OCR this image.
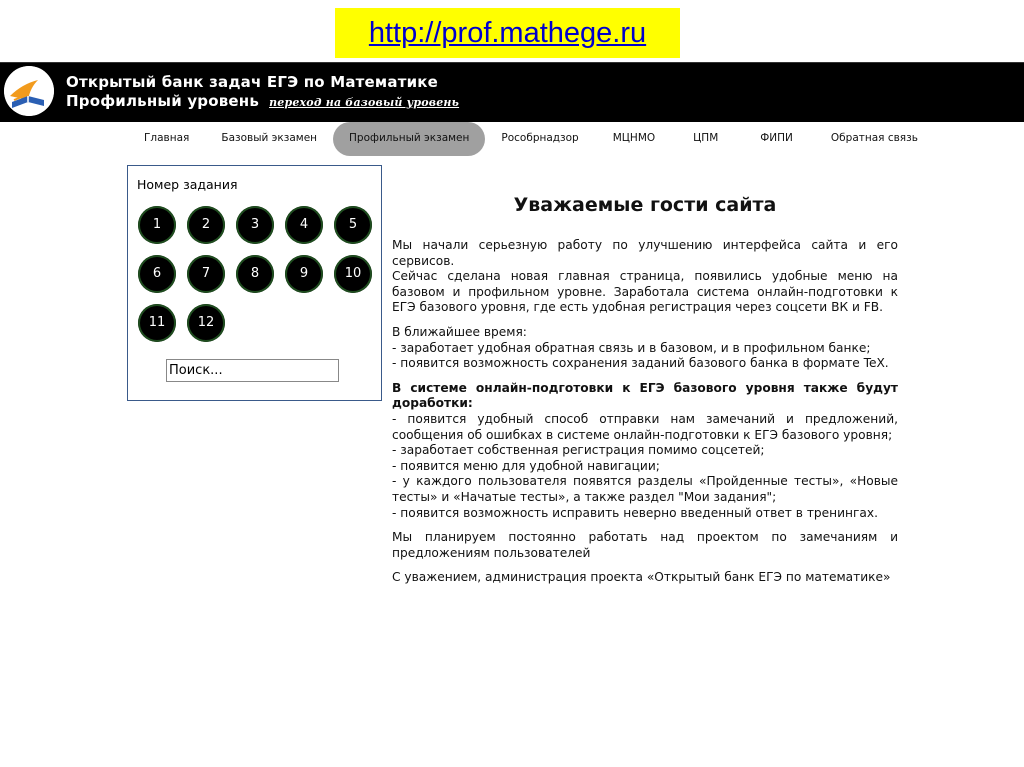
http://prof.mathege.ru
Открытый банк задач ЕГЭ по Математике
Профильный уровень переход на базовый уровень
Главная	Базовый экзамен	Профильный экзамен	Рособрнадзор	МЦНМО	ЦПМ	ФИПИ	Обратная связь
Номер задания
1	2	3	4	5
6	7	8	9	10
11	12
Поиск...
Уважаемые гости сайта

Мы начали серьезную работу по улучшению интерфейса сайта и его сервисов.
Сейчас сделана новая главная страница, появились удобные меню на базовом и профильном уровне. Заработала система онлайн-подготовки к ЕГЭ базового уровня, где есть удобная регистрация через соцсети ВК и FB.

В ближайшее время:
- заработает удобная обратная связь и в базовом, и в профильном банке;
- появится возможность сохранения заданий базового банка в формате TeX.

В системе онлайн-подготовки к ЕГЭ базового уровня также будут доработки:
- появится удобный способ отправки нам замечаний и предложений, сообщения об ошибках в системе онлайн-подготовки к ЕГЭ базового уровня;
- заработает собственная регистрация помимо соцсетей;
- появится меню для удобной навигации;
- у каждого пользователя появятся разделы «Пройденные тесты», «Новые тесты» и «Начатые тесты», а также раздел "Мои задания";
- появится возможность исправить неверно введенный ответ в тренингах.

Мы планируем постоянно работать над проектом по замечаниям и предложениям пользователей

С уважением, администрация проекта «Открытый банк ЕГЭ по математике»
